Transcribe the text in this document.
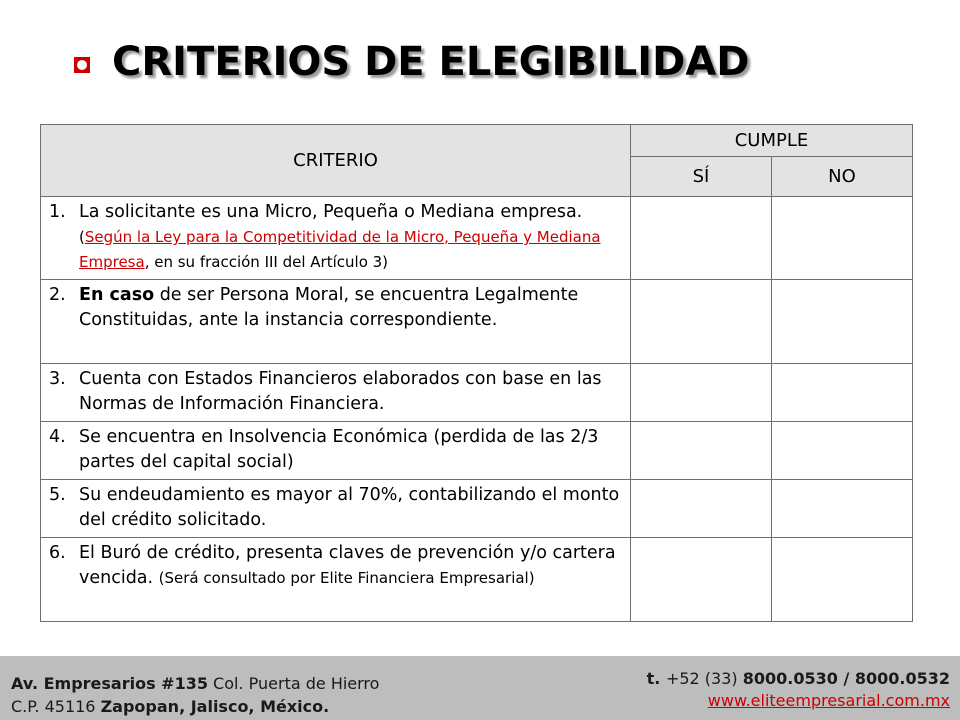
CRITERIOS DE ELEGIBILIDAD
CRITERIO	CUMPLE	
	SÍ	NO

1. La solicitante es una Micro, Pequeña o Mediana empresa. (Según la Ley para la Competitividad de la Micro, Pequeña y Mediana Empresa, en su fracción III del Artículo 3)		

2. En caso de ser Persona Moral, se encuentra Legalmente Constituidas, ante la instancia correspondiente.		

3. Cuenta con Estados Financieros elaborados con base en las Normas de Información Financiera.		

4. Se encuentra en Insolvencia Económica (perdida de las 2/3 partes del capital social)		

5. Su endeudamiento es mayor al 70%, contabilizando el monto del crédito solicitado.		

6. El Buró de crédito, presenta claves de prevención y/o cartera vencida. (Será consultado por Elite Financiera Empresarial)		

Av. Empresarios #135 Col. Puerta de Hierro
C.P. 45116 Zapopan, Jalisco, México.
t. +52 (33) 8000.0530 / 8000.0532
www.eliteempresarial.com.mx
